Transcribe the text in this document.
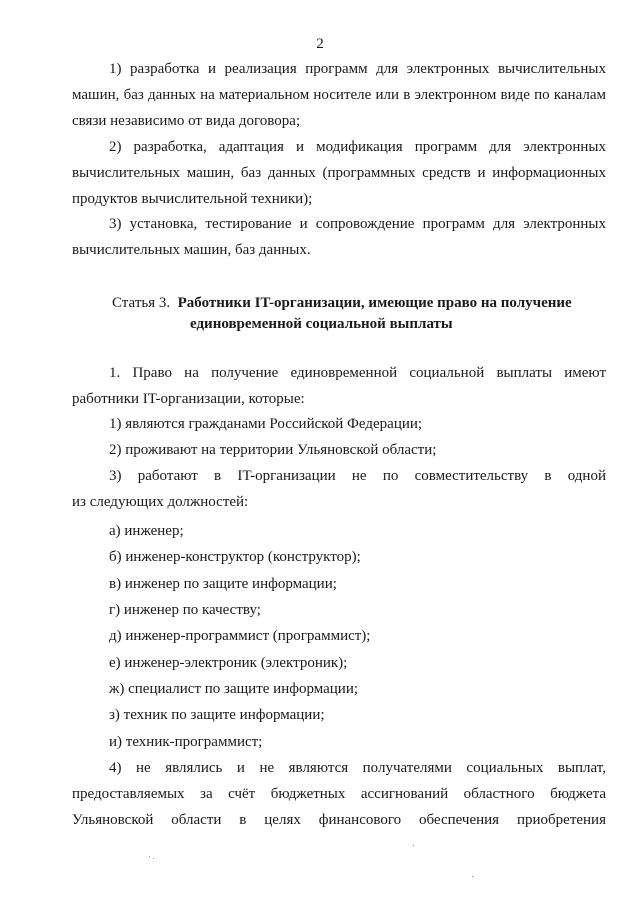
2
1) разработка и реализация программ для электронных вычислительных
машин, баз данных на материальном носителе или в электронном виде по каналам
связи независимо от вида договора;
2) разработка, адаптация и модификация программ для электронных
вычислительных машин, баз данных (программных средств и информационных
продуктов вычислительной техники);
3) установка, тестирование и сопровождение программ для электронных
вычислительных машин, баз данных.
Статья 3. Работники IT-организации, имеющие право на получение
единовременной социальной выплаты
1. Право на получение единовременной социальной выплаты имеют
работники IT-организации, которые:
1) являются гражданами Российской Федерации;
2) проживают на территории Ульяновской области;
3) работают в IT-организации не по совместительству в одной
из следующих должностей:
а) инженер;
б) инженер-конструктор (конструктор);
в) инженер по защите информации;
г) инженер по качеству;
д) инженер-программист (программист);
е) инженер-электроник (электроник);
ж) специалист по защите информации;
з) техник по защите информации;
и) техник-программист;
4) не являлись и не являются получателями социальных выплат,
предоставляемых за счёт бюджетных ассигнований областного бюджета
Ульяновской области в целях финансового обеспечения приобретения
